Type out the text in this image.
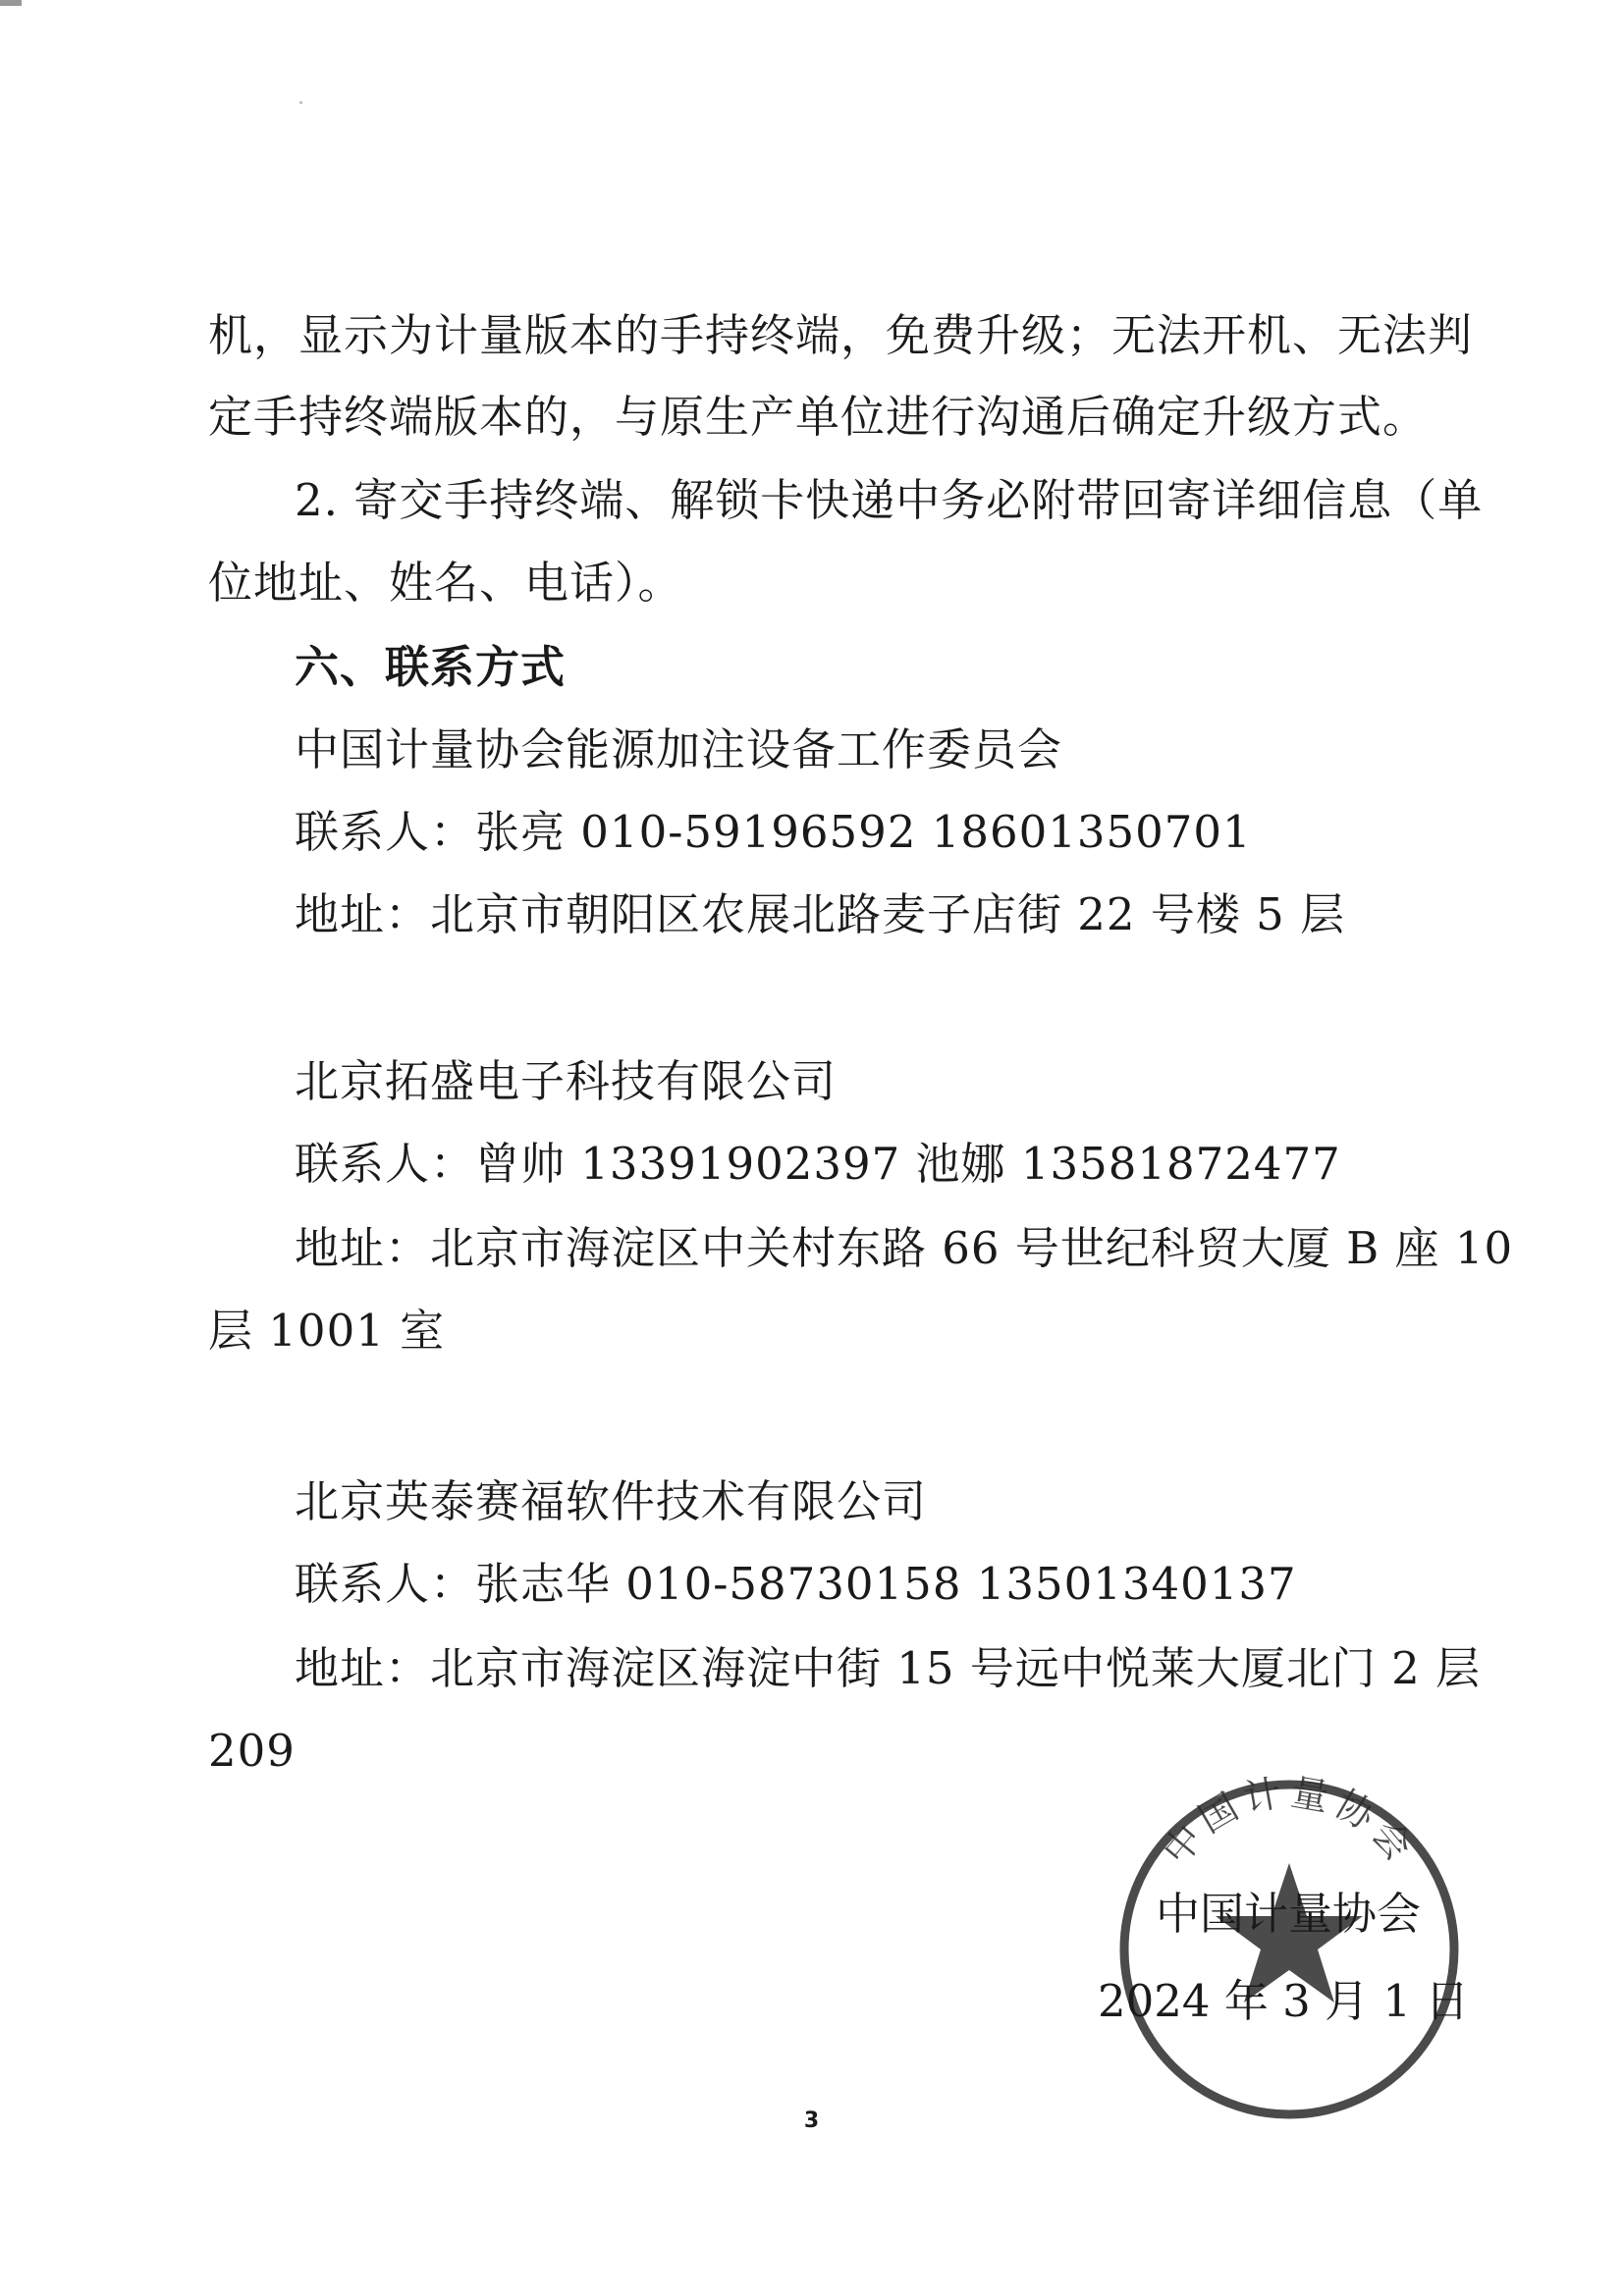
机，显示为计量版本的手持终端，免费升级；无法开机、无法判
定手持终端版本的，与原生产单位进行沟通后确定升级方式。
2. 寄交手持终端、解锁卡快递中务必附带回寄详细信息（单
位地址、姓名、电话）。
六、联系方式
中国计量协会能源加注设备工作委员会
联系人：张亮 010-59196592 18601350701
地址：北京市朝阳区农展北路麦子店街 22 号楼 5 层
北京拓盛电子科技有限公司
联系人：曾帅 13391902397 池娜 13581872477
地址：北京市海淀区中关村东路 66 号世纪科贸大厦 B 座 10
层 1001 室
北京英泰赛福软件技术有限公司
联系人：张志华 010-58730158 13501340137
地址：北京市海淀区海淀中街 15 号远中悦莱大厦北门 2 层
209
中国计量协会
中国计量协会
2024 年 3 月 1 日
3
